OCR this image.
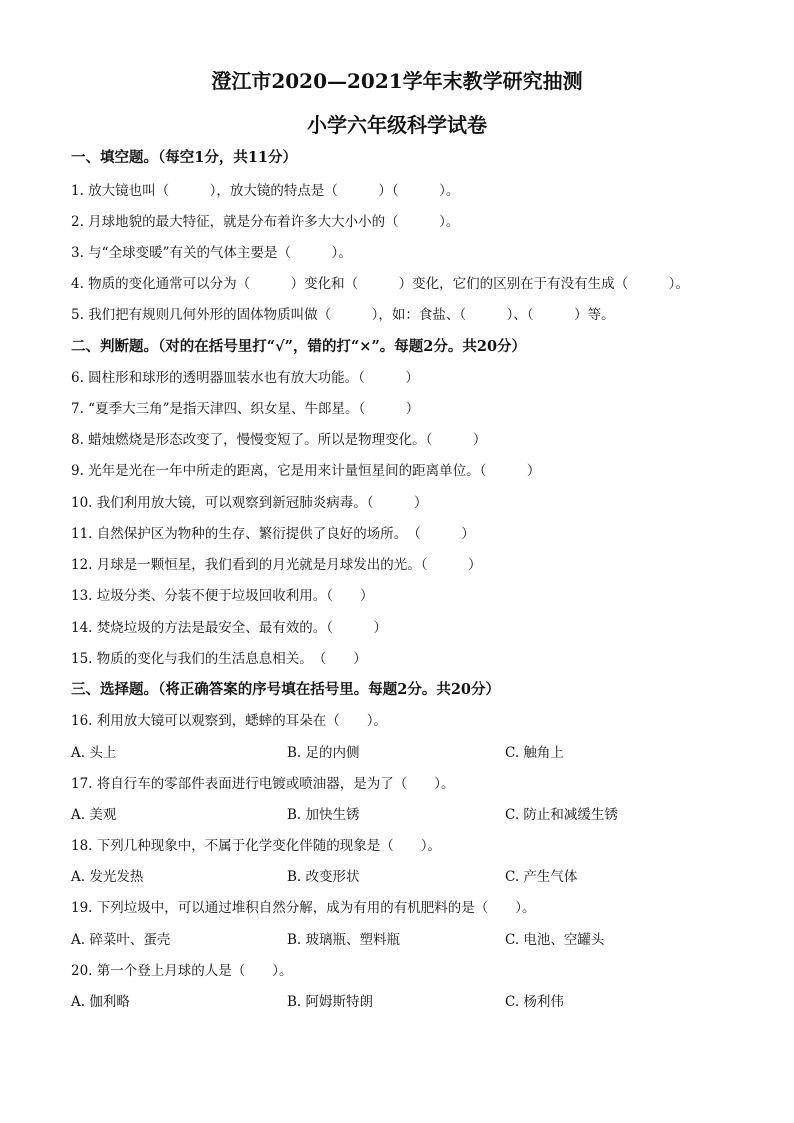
澄江市2020—2021学年末教学研究抽测
小学六年级科学试卷

一、填空题。（每空1分，共11分）

1. 放大镜也叫（　　　），放大镜的特点是（　　　）（　　　）。

2. 月球地貌的最大特征，就是分布着许多大大小小的（　　　）。

3. 与“全球变暖”有关的气体主要是（　　　）。

4. 物质的变化通常可以分为（　　　）变化和（　　　）变化，它们的区别在于有没有生成（　　　）。

5. 我们把有规则几何外形的固体物质叫做（　　　），如：食盐、（　　　）、（　　　）等。

二、判断题。（对的在括号里打“√”，错的打“×”。每题2分。共20分）

6. 圆柱形和球形的透明器皿装水也有放大功能。（　　　）

7. “夏季大三角”是指天津四、织女星、牛郎星。（　　　）

8. 蜡烛燃烧是形态改变了，慢慢变短了。所以是物理变化。（　　　）

9. 光年是光在一年中所走的距离，它是用来计量恒星间的距离单位。（　　　）

10. 我们利用放大镜，可以观察到新冠肺炎病毒。（　　　）

11. 自然保护区为物种的生存、繁衍提供了良好的场所。　（　　　）

12. 月球是一颗恒星，我们看到的月光就是月球发出的光。（　　　）

13. 垃圾分类、分装不便于垃圾回收利用。（　　）

14. 焚烧垃圾的方法是最安全、最有效的。（　　　）

15. 物质的变化与我们的生活息息相关。　（　　）

三、选择题。（将正确答案的序号填在括号里。每题2分。共20分）

16. 利用放大镜可以观察到，蟋蟀的耳朵在（　　）。

A. 头上	B. 足的内侧	C. 触角上

17. 将自行车的零部件表面进行电镀或喷油器，是为了（　　）。

A. 美观	B. 加快生锈	C. 防止和减缓生锈

18. 下列几种现象中，不属于化学变化伴随的现象是（　　）。

A. 发光发热	B. 改变形状	C. 产生气体

19. 下列垃圾中，可以通过堆积自然分解，成为有用的有机肥料的是（　　）。

A. 碎菜叶、蛋壳	B. 玻璃瓶、塑料瓶	C. 电池、空罐头

20. 第一个登上月球的人是（　　）。

A. 伽利略	B. 阿姆斯特朗	C. 杨利伟
